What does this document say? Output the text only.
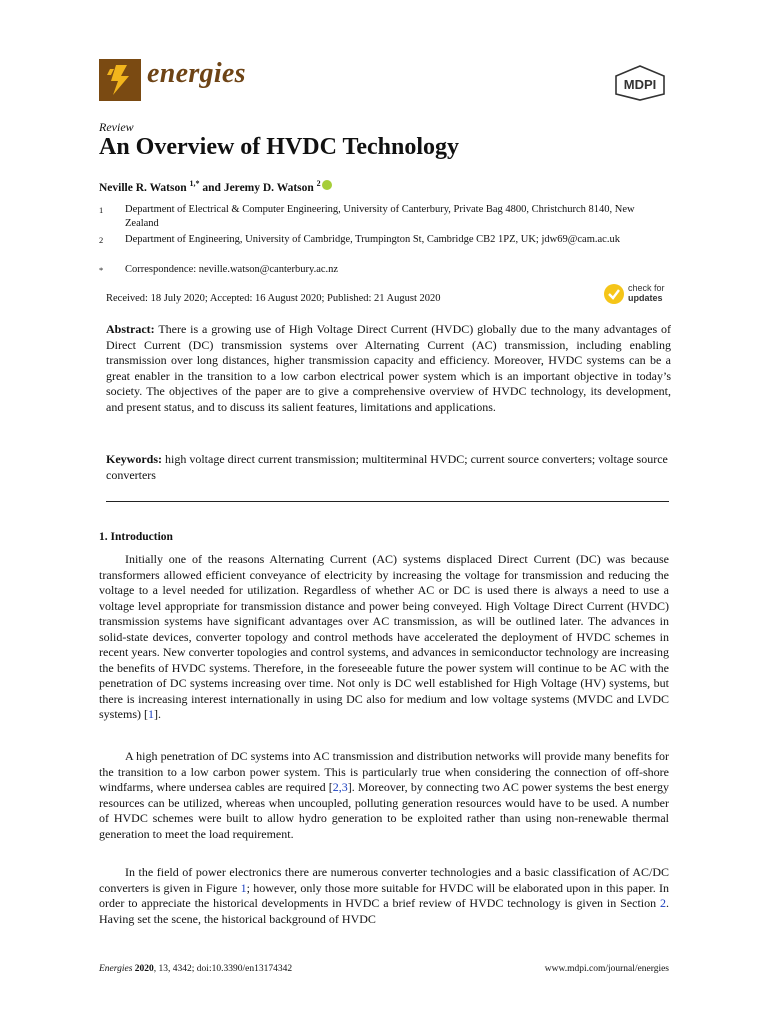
energies	MDPI
Review
An Overview of HVDC Technology
Neville R. Watson $^{1,*}$ and Jeremy D. Watson $^2$
1 Department of Electrical & Computer Engineering, University of Canterbury, Private Bag 4800, Christchurch 8140, New Zealand
2 Department of Engineering, University of Cambridge, Trumpington St, Cambridge CB2 1PZ, UK; jdw69@cam.ac.uk
* Correspondence: neville.watson@canterbury.ac.nz
Received: 18 July 2020; Accepted: 16 August 2020; Published: 21 August 2020
check for
updates
Abstract: There is a growing use of High Voltage Direct Current (HVDC) globally due to the many advantages of Direct Current (DC) transmission systems over Alternating Current (AC) transmission, including enabling transmission over long distances, higher transmission capacity and efficiency. Moreover, HVDC systems can be a great enabler in the transition to a low carbon electrical power system which is an important objective in today’s society. The objectives of the paper are to give a comprehensive overview of HVDC technology, its development, and present status, and to discuss its salient features, limitations and applications.
Keywords: high voltage direct current transmission; multiterminal HVDC; current source converters; voltage source converters
1. Introduction
Initially one of the reasons Alternating Current (AC) systems displaced Direct Current (DC) was because transformers allowed efficient conveyance of electricity by increasing the voltage for transmission and reducing the voltage to a level needed for utilization. Regardless of whether AC or DC is used there is always a need to use a voltage level appropriate for transmission distance and power being conveyed. High Voltage Direct Current (HVDC) transmission systems have significant advantages over AC transmission, as will be outlined later. The advances in solid-state devices, converter topology and control methods have accelerated the deployment of HVDC schemes in recent years. New converter topologies and control systems, and advances in semiconductor technology are increasing the benefits of HVDC systems. Therefore, in the foreseeable future the power system will continue to be AC with the penetration of DC systems increasing over time. Not only is DC well established for High Voltage (HV) systems, but there is increasing interest internationally in using DC also for medium and low voltage systems (MVDC and LVDC systems) [1].
A high penetration of DC systems into AC transmission and distribution networks will provide many benefits for the transition to a low carbon power system. This is particularly true when considering the connection of off-shore windfarms, where undersea cables are required [2,3]. Moreover, by connecting two AC power systems the best energy resources can be utilized, whereas when uncoupled, polluting generation resources would have to be used. A number of HVDC schemes were built to allow hydro generation to be exploited rather than using non-renewable thermal generation to meet the load requirement.
In the field of power electronics there are numerous converter technologies and a basic classification of AC/DC converters is given in Figure 1; however, only those more suitable for HVDC will be elaborated upon in this paper. In order to appreciate the historical developments in HVDC a brief review of HVDC technology is given in Section 2. Having set the scene, the historical background of HVDC
Energies 2020, 13, 4342; doi:10.3390/en13174342	www.mdpi.com/journal/energies
